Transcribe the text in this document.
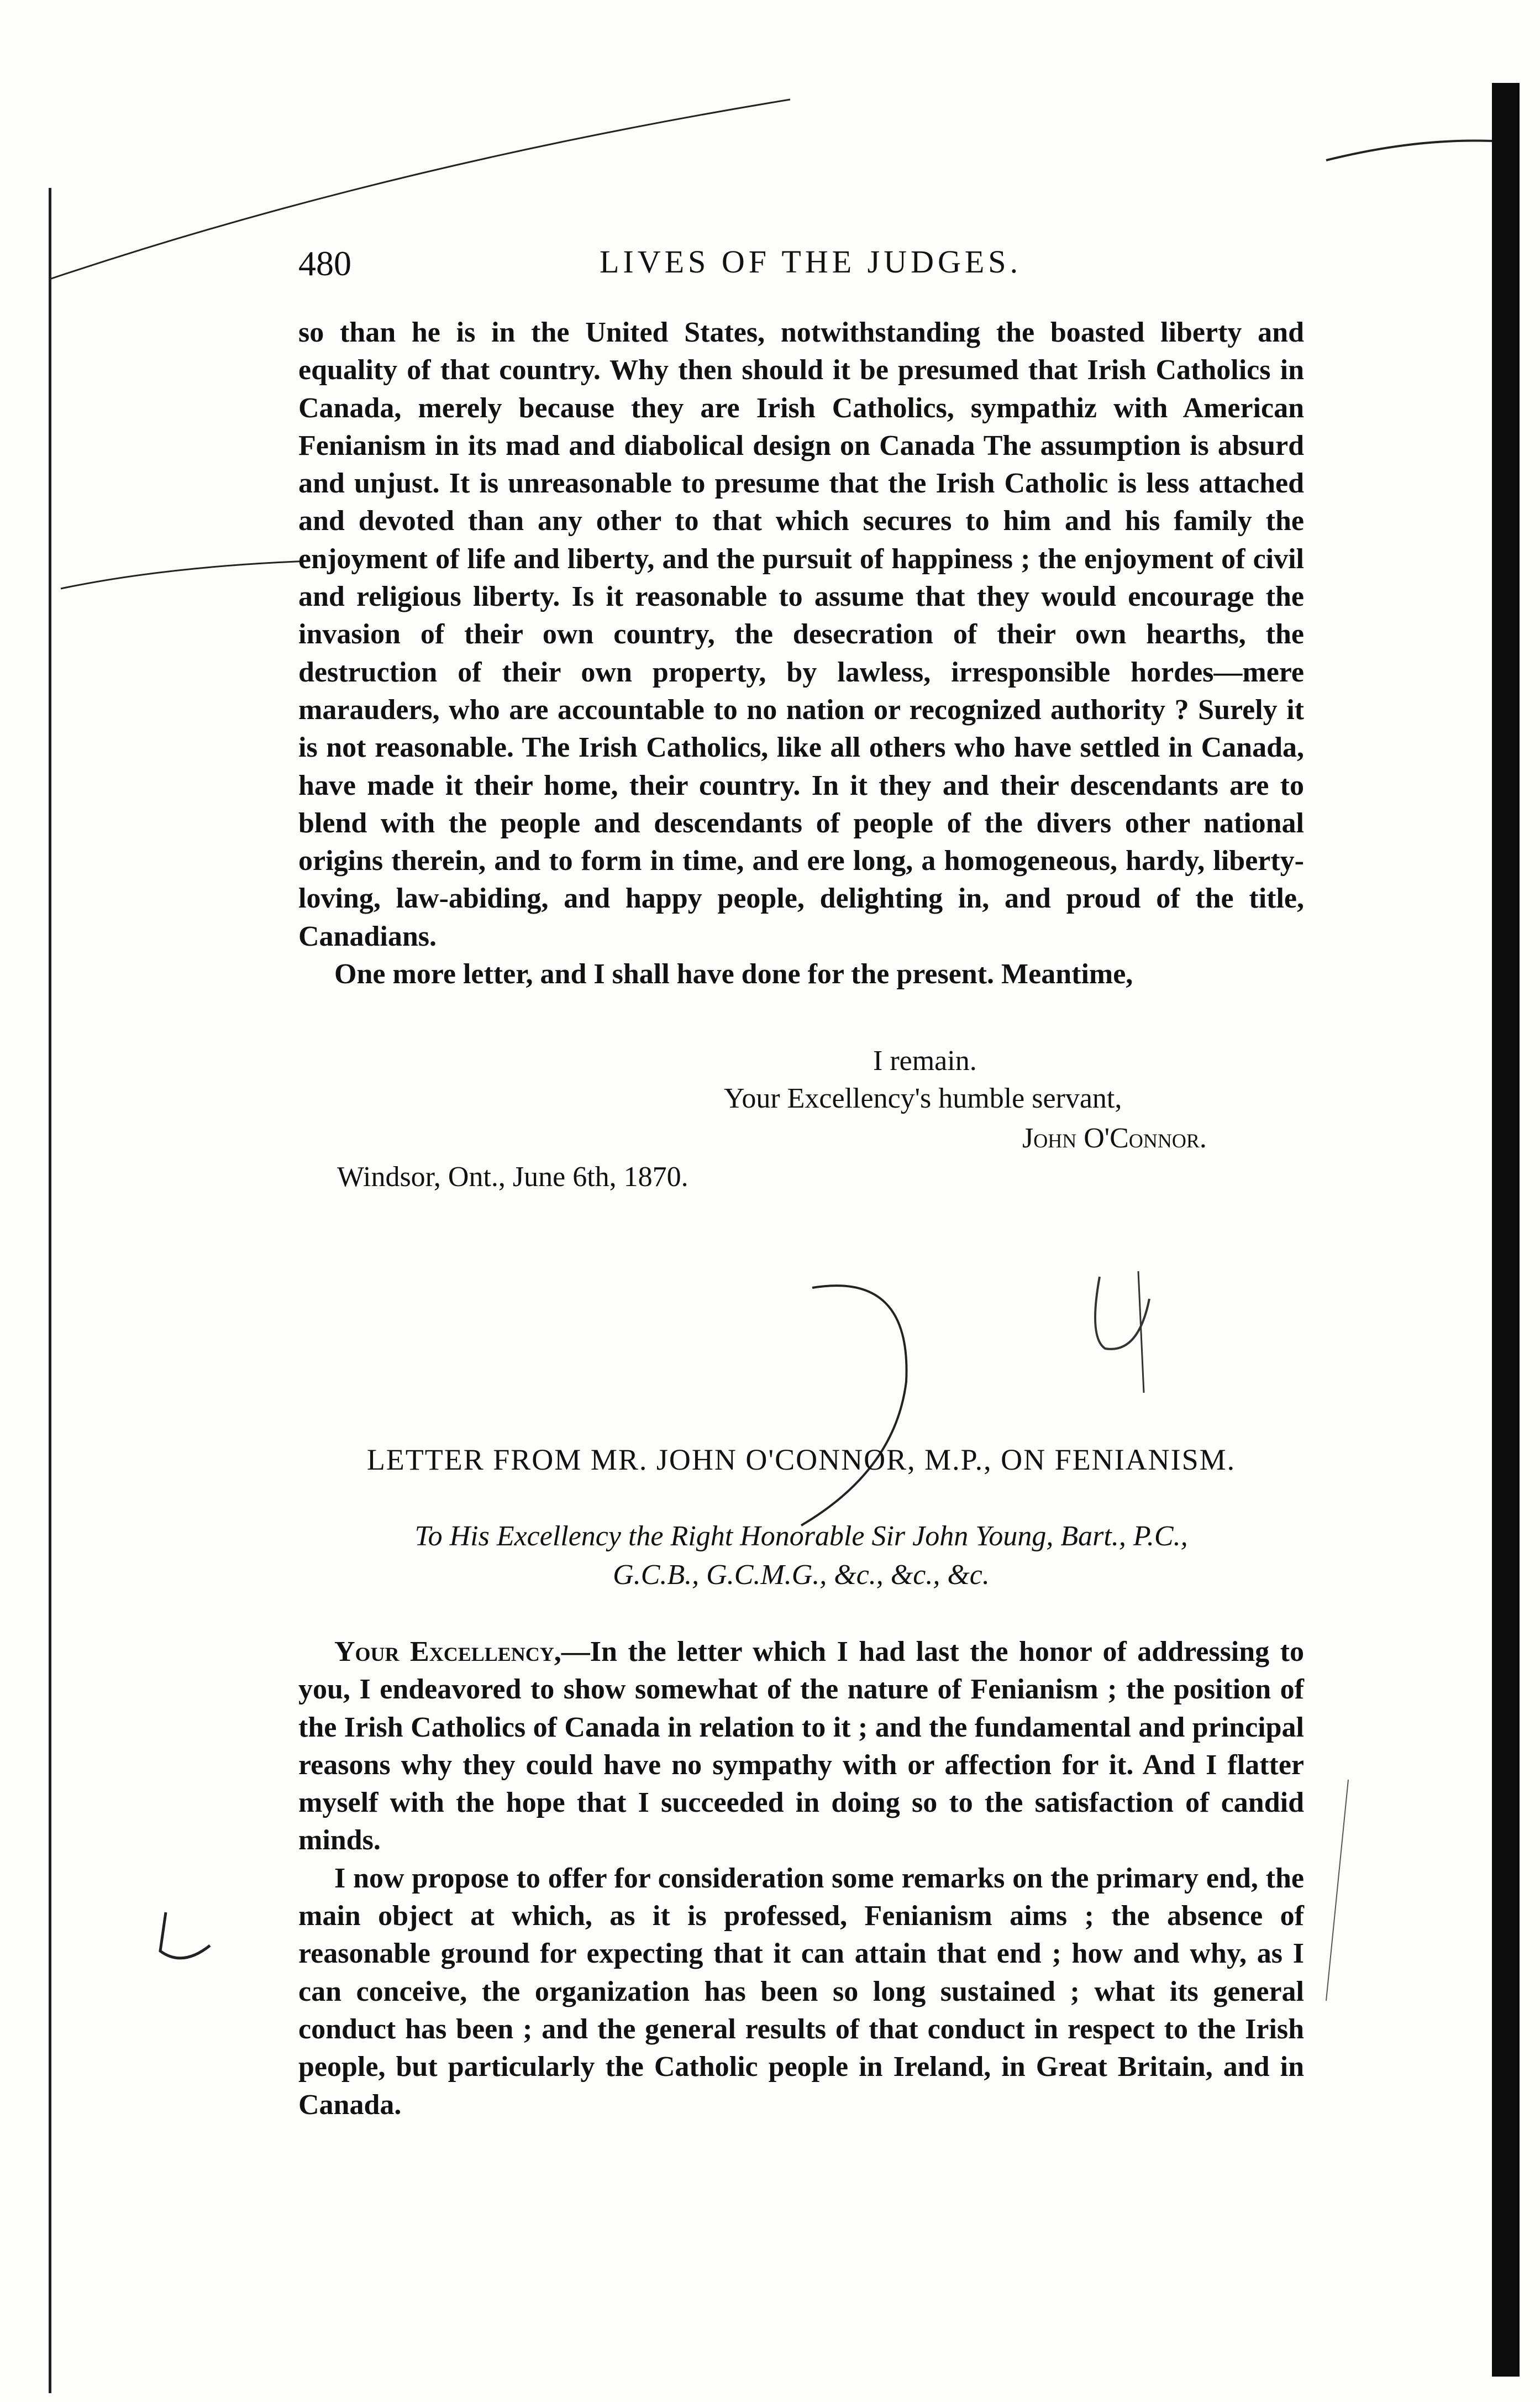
480	LIVES OF THE JUDGES.

so than he is in the United States, notwithstanding the boasted liberty and equality of that country. Why then should it be presumed that Irish Catholics in Canada, merely because they are Irish Catholics, sympathiz with American Fenianism in its mad and diabolical design on Canada The assumption is absurd and unjust. It is unreasonable to presume that the Irish Catholic is less attached and devoted than any other to that which secures to him and his family the enjoyment of life and liberty, and the pursuit of happiness ; the enjoyment of civil and religious liberty. Is it reasonable to assume that they would encourage the invasion of their own country, the desecration of their own hearths, the destruction of their own property, by lawless, irresponsible hordes—mere marauders, who are accountable to no nation or recognized authority ? Surely it is not reasonable. The Irish Catholics, like all others who have settled in Canada, have made it their home, their country. In it they and their descendants are to blend with the people and descendants of people of the divers other national origins therein, and to form in time, and ere long, a homogeneous, hardy, liberty-loving, law-abiding, and happy people, delighting in, and proud of the title, Canadians.

One more letter, and I shall have done for the present. Meantime,

I remain.
Your Excellency's humble servant,
John O'Connor.
Windsor, Ont., June 6th, 1870.
LETTER FROM MR. JOHN O'CONNOR, M.P., ON FENIANISM.
To His Excellency the Right Honorable Sir John Young, Bart., P.C.,
G.C.B., G.C.M.G., &c., &c., &c.

Your Excellency,—In the letter which I had last the honor of addressing to you, I endeavored to show somewhat of the nature of Fenianism ; the position of the Irish Catholics of Canada in relation to it ; and the fundamental and principal reasons why they could have no sympathy with or affection for it. And I flatter myself with the hope that I succeeded in doing so to the satisfaction of candid minds.

I now propose to offer for consideration some remarks on the primary end, the main object at which, as it is professed, Fenianism aims ; the absence of reasonable ground for expecting that it can attain that end ; how and why, as I can conceive, the organization has been so long sustained ; what its general conduct has been ; and the general results of that conduct in respect to the Irish people, but particularly the Catholic people in Ireland, in Great Britain, and in Canada.
